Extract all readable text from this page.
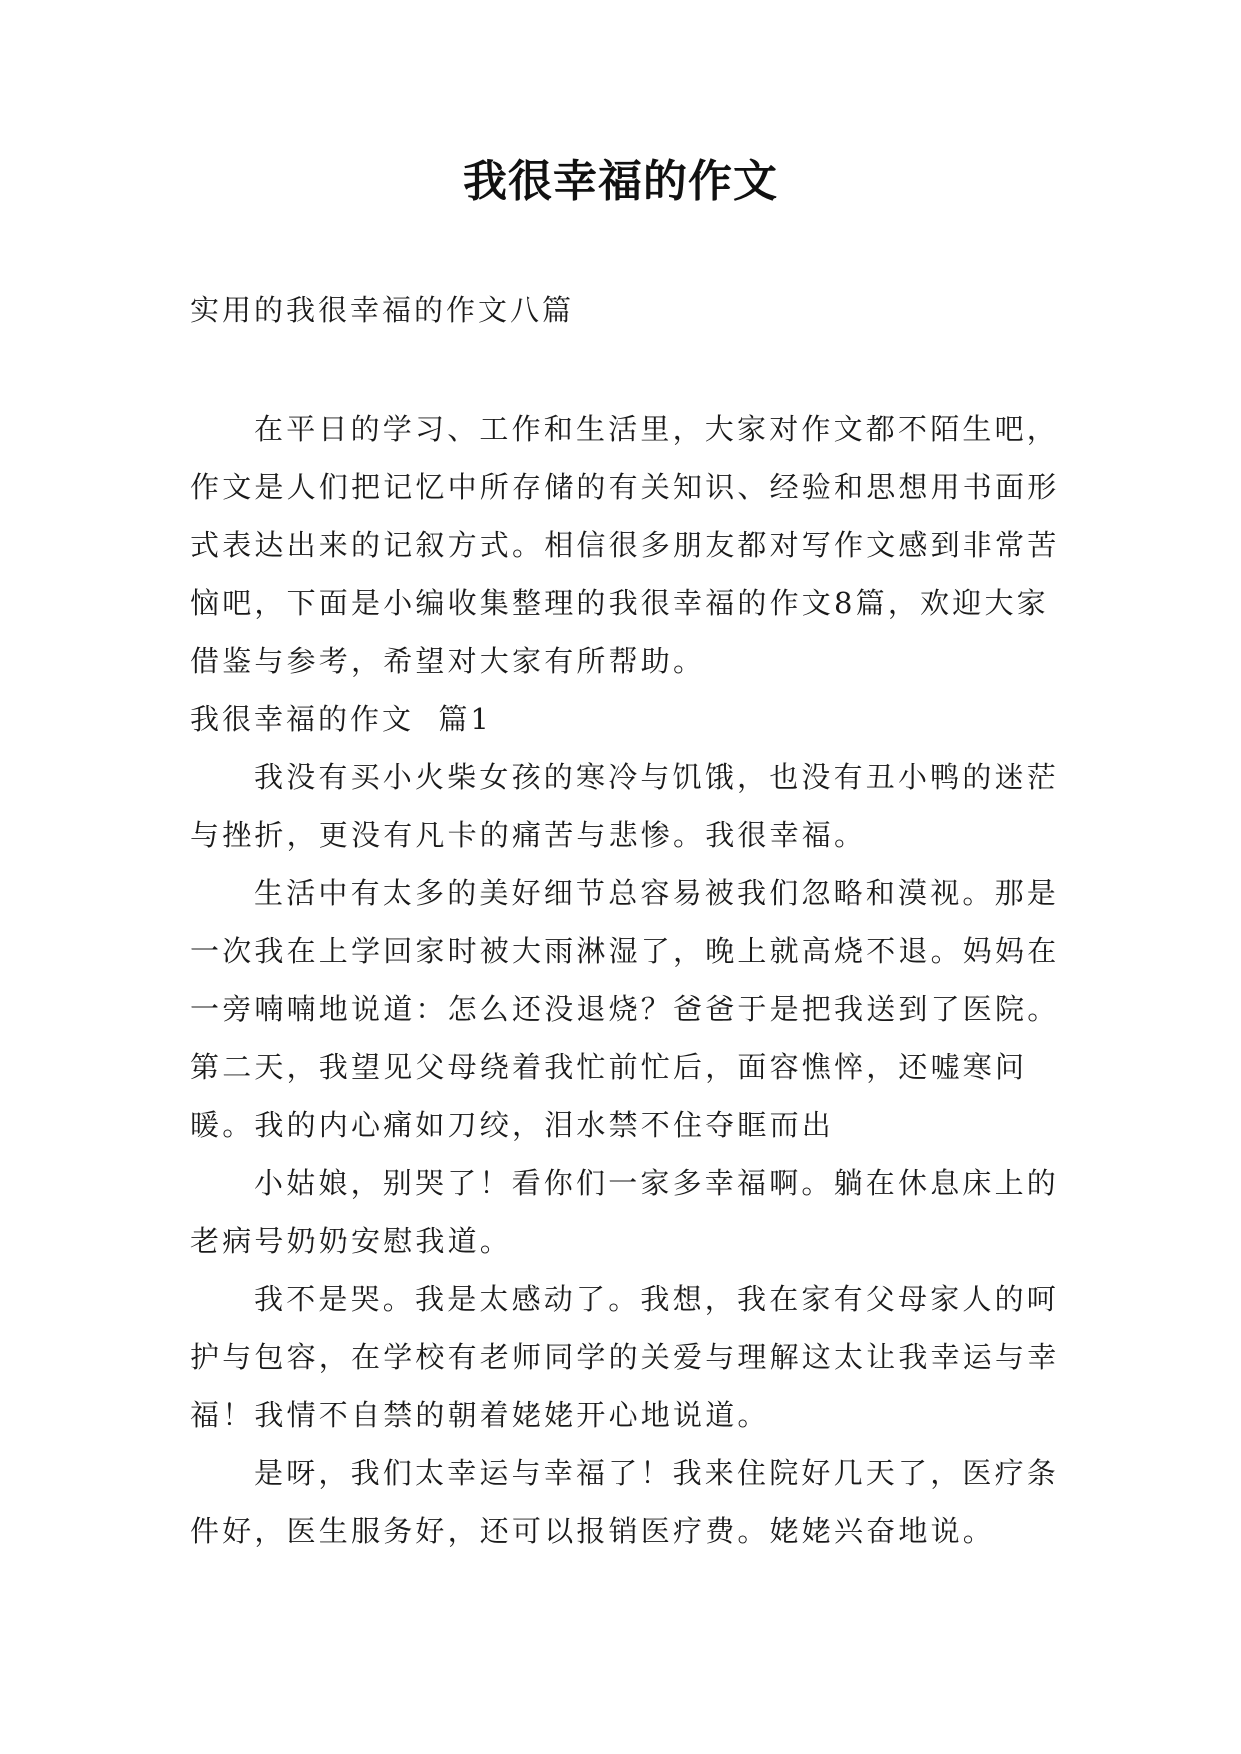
我很幸福的作文
实用的我很幸福的作文八篇

在平日的学习、工作和生活里，大家对作文都不陌生吧，作文是人们把记忆中所存储的有关知识、经验和思想用书面形式表达出来的记叙方式。相信很多朋友都对写作文感到非常苦恼吧，下面是小编收集整理的我很幸福的作文8篇，欢迎大家借鉴与参考，希望对大家有所帮助。

我很幸福的作文  篇1

我没有买小火柴女孩的寒冷与饥饿，也没有丑小鸭的迷茫与挫折，更没有凡卡的痛苦与悲惨。我很幸福。

生活中有太多的美好细节总容易被我们忽略和漠视。那是一次我在上学回家时被大雨淋湿了，晚上就高烧不退。妈妈在一旁喃喃地说道：怎么还没退烧？爸爸于是把我送到了医院。第二天，我望见父母绕着我忙前忙后，面容憔悴，还嘘寒问暖。我的内心痛如刀绞，泪水禁不住夺眶而出

小姑娘，别哭了！看你们一家多幸福啊。躺在休息床上的老病号奶奶安慰我道。

我不是哭。我是太感动了。我想，我在家有父母家人的呵护与包容，在学校有老师同学的关爱与理解这太让我幸运与幸福！我情不自禁的朝着姥姥开心地说道。

是呀，我们太幸运与幸福了！我来住院好几天了，医疗条件好，医生服务好，还可以报销医疗费。姥姥兴奋地说。
